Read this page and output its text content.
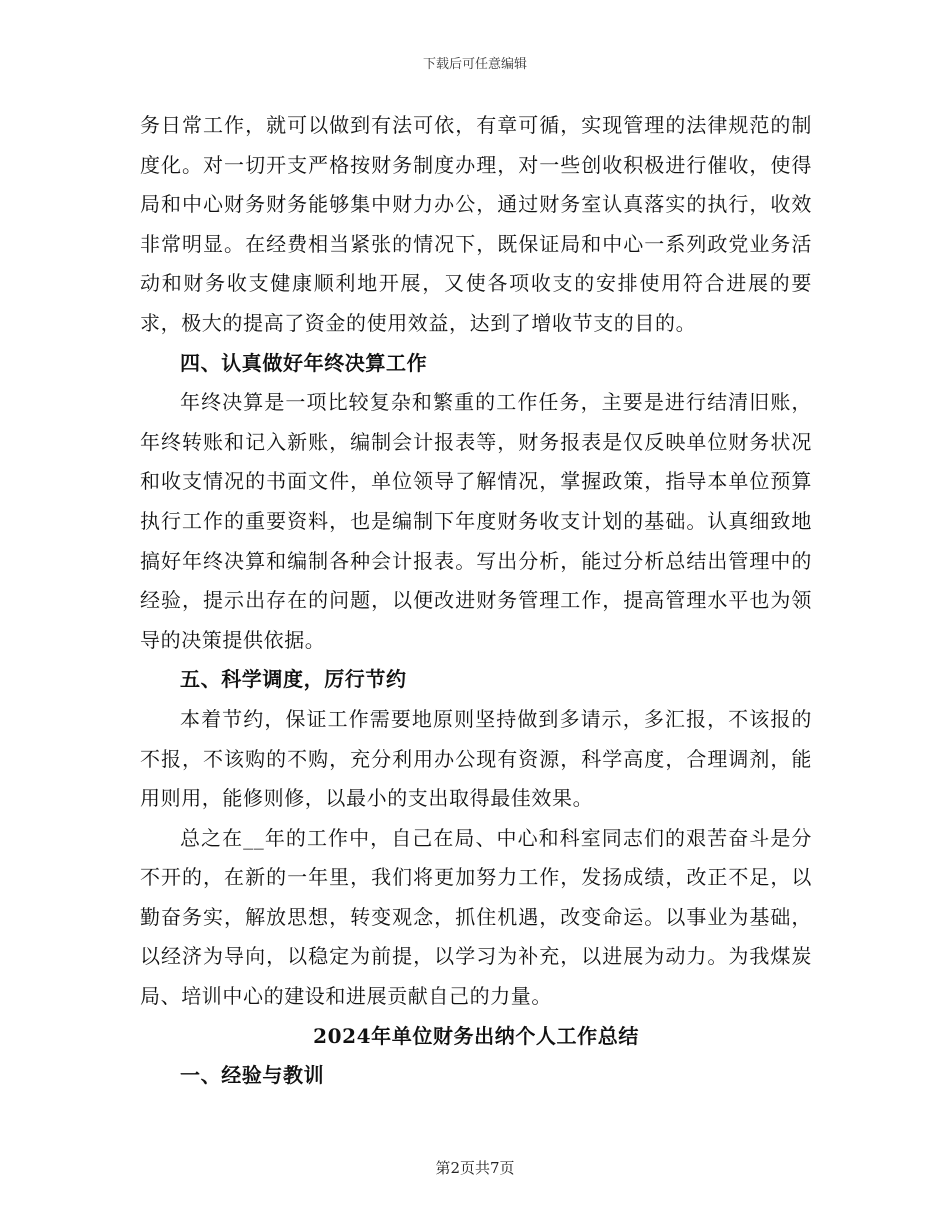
下载后可任意编辑

务日常工作，就可以做到有法可依，有章可循，实现管理的法律规范的制度化。对一切开支严格按财务制度办理，对一些创收积极进行催收，使得局和中心财务财务能够集中财力办公，通过财务室认真落实的执行，收效非常明显。在经费相当紧张的情况下，既保证局和中心一系列政党业务活动和财务收支健康顺利地开展，又使各项收支的安排使用符合进展的要求，极大的提高了资金的使用效益，达到了增收节支的目的。

四、认真做好年终决算工作

年终决算是一项比较复杂和繁重的工作任务，主要是进行结清旧账，年终转账和记入新账，编制会计报表等，财务报表是仅反映单位财务状况和收支情况的书面文件，单位领导了解情况，掌握政策，指导本单位预算执行工作的重要资料，也是编制下年度财务收支计划的基础。认真细致地搞好年终决算和编制各种会计报表。写出分析，能过分析总结出管理中的经验，提示出存在的问题，以便改进财务管理工作，提高管理水平也为领导的决策提供依据。

五、科学调度，厉行节约

本着节约，保证工作需要地原则坚持做到多请示，多汇报，不该报的不报，不该购的不购，充分利用办公现有资源，科学高度，合理调剂，能用则用，能修则修，以最小的支出取得最佳效果。

总之在__年的工作中，自己在局、中心和科室同志们的艰苦奋斗是分不开的，在新的一年里，我们将更加努力工作，发扬成绩，改正不足，以勤奋务实，解放思想，转变观念，抓住机遇，改变命运。以事业为基础，以经济为导向，以稳定为前提，以学习为补充，以进展为动力。为我煤炭局、培训中心的建设和进展贡献自己的力量。

2024年单位财务出纳个人工作总结

一、经验与教训

第2页共7页
